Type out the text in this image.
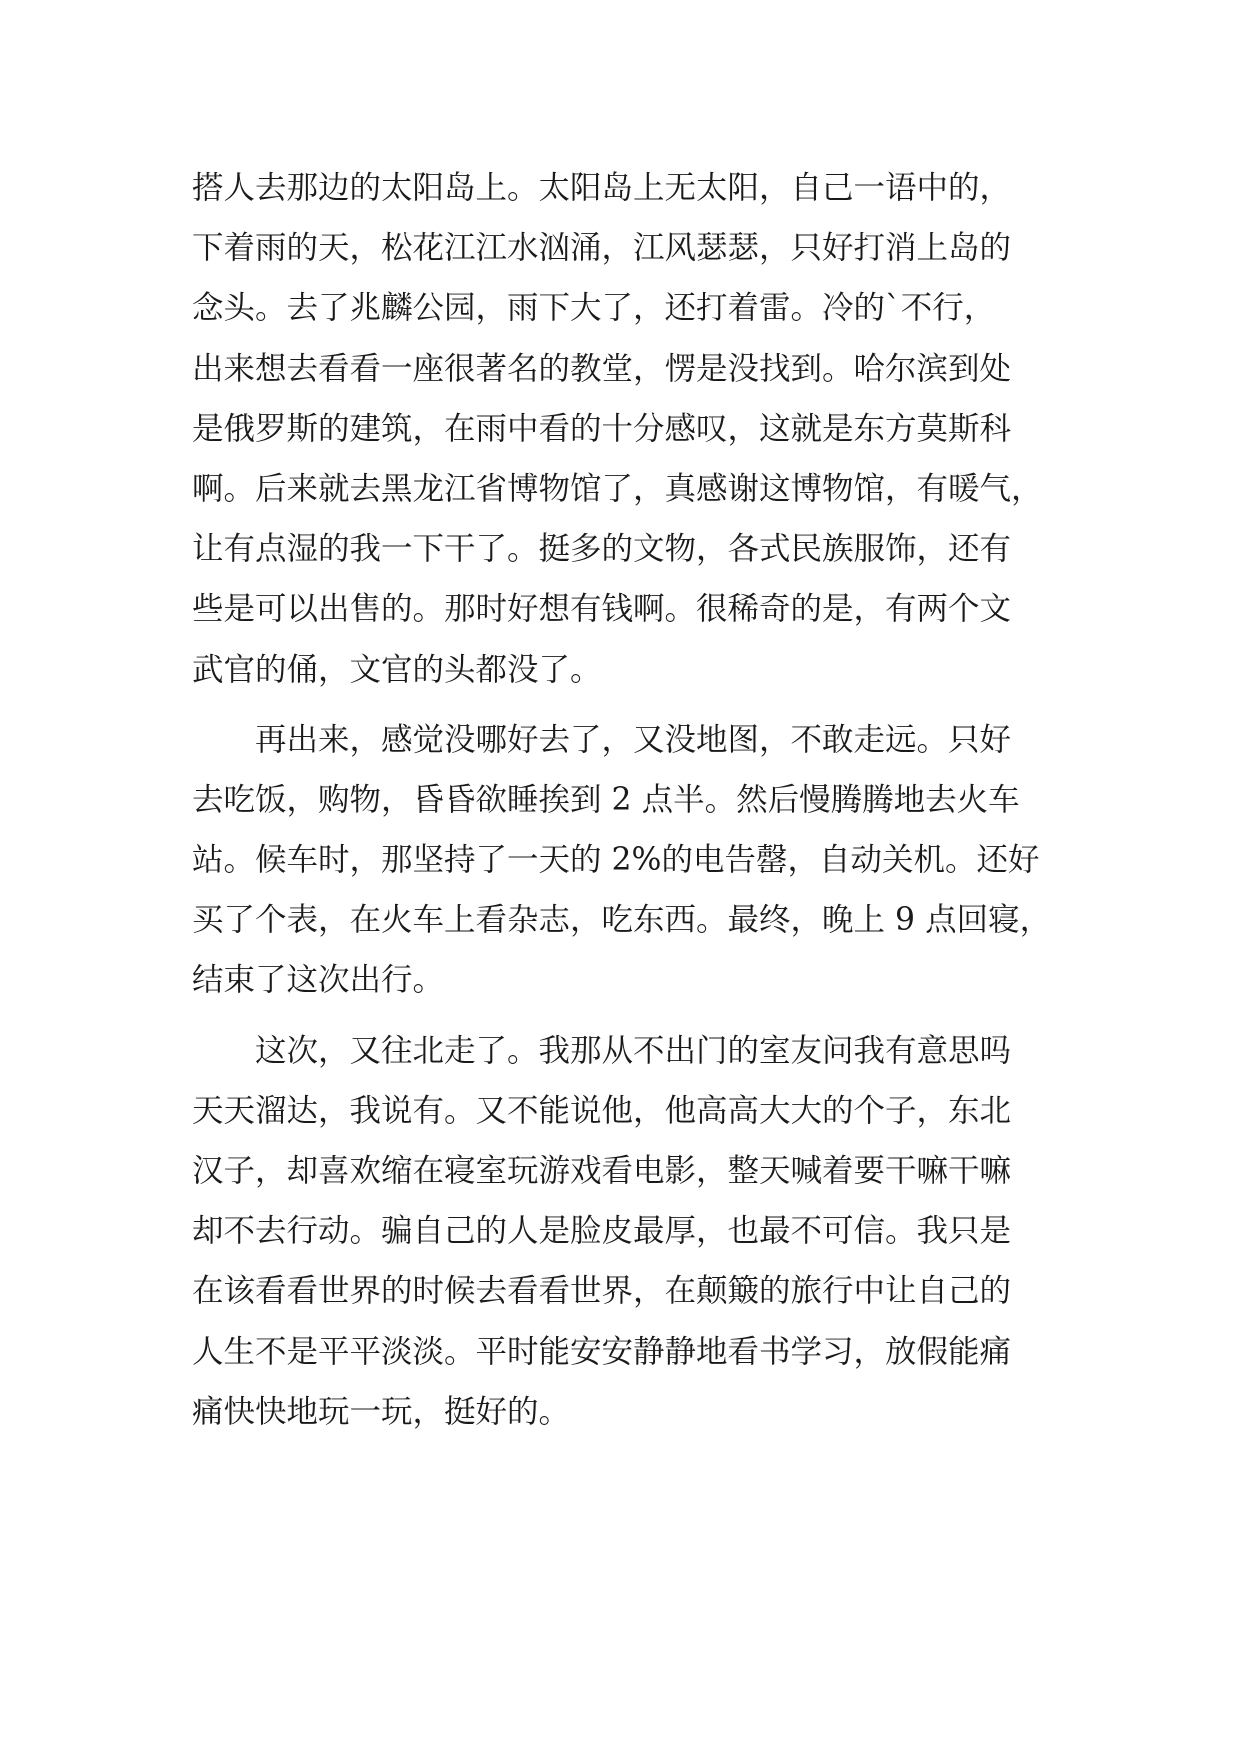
搭人去那边的太阳岛上。太阳岛上无太阳，自己一语中的，
下着雨的天，松花江江水汹涌，江风瑟瑟，只好打消上岛的
念头。去了兆麟公园，雨下大了，还打着雷。冷的`不行，
出来想去看看一座很著名的教堂，愣是没找到。哈尔滨到处
是俄罗斯的建筑，在雨中看的十分感叹，这就是东方莫斯科
啊。后来就去黑龙江省博物馆了，真感谢这博物馆，有暖气，
让有点湿的我一下干了。挺多的文物，各式民族服饰，还有
些是可以出售的。那时好想有钱啊。很稀奇的是，有两个文
武官的俑，文官的头都没了。
　　再出来，感觉没哪好去了，又没地图，不敢走远。只好
去吃饭，购物，昏昏欲睡挨到 2 点半。然后慢腾腾地去火车
站。候车时，那坚持了一天的 2%的电告罄，自动关机。还好
买了个表，在火车上看杂志，吃东西。最终，晚上 9 点回寝，
结束了这次出行。
　　这次，又往北走了。我那从不出门的室友问我有意思吗
天天溜达，我说有。又不能说他，他高高大大的个子，东北
汉子，却喜欢缩在寝室玩游戏看电影，整天喊着要干嘛干嘛
却不去行动。骗自己的人是脸皮最厚，也最不可信。我只是
在该看看世界的时候去看看世界，在颠簸的旅行中让自己的
人生不是平平淡淡。平时能安安静静地看书学习，放假能痛
痛快快地玩一玩，挺好的。
